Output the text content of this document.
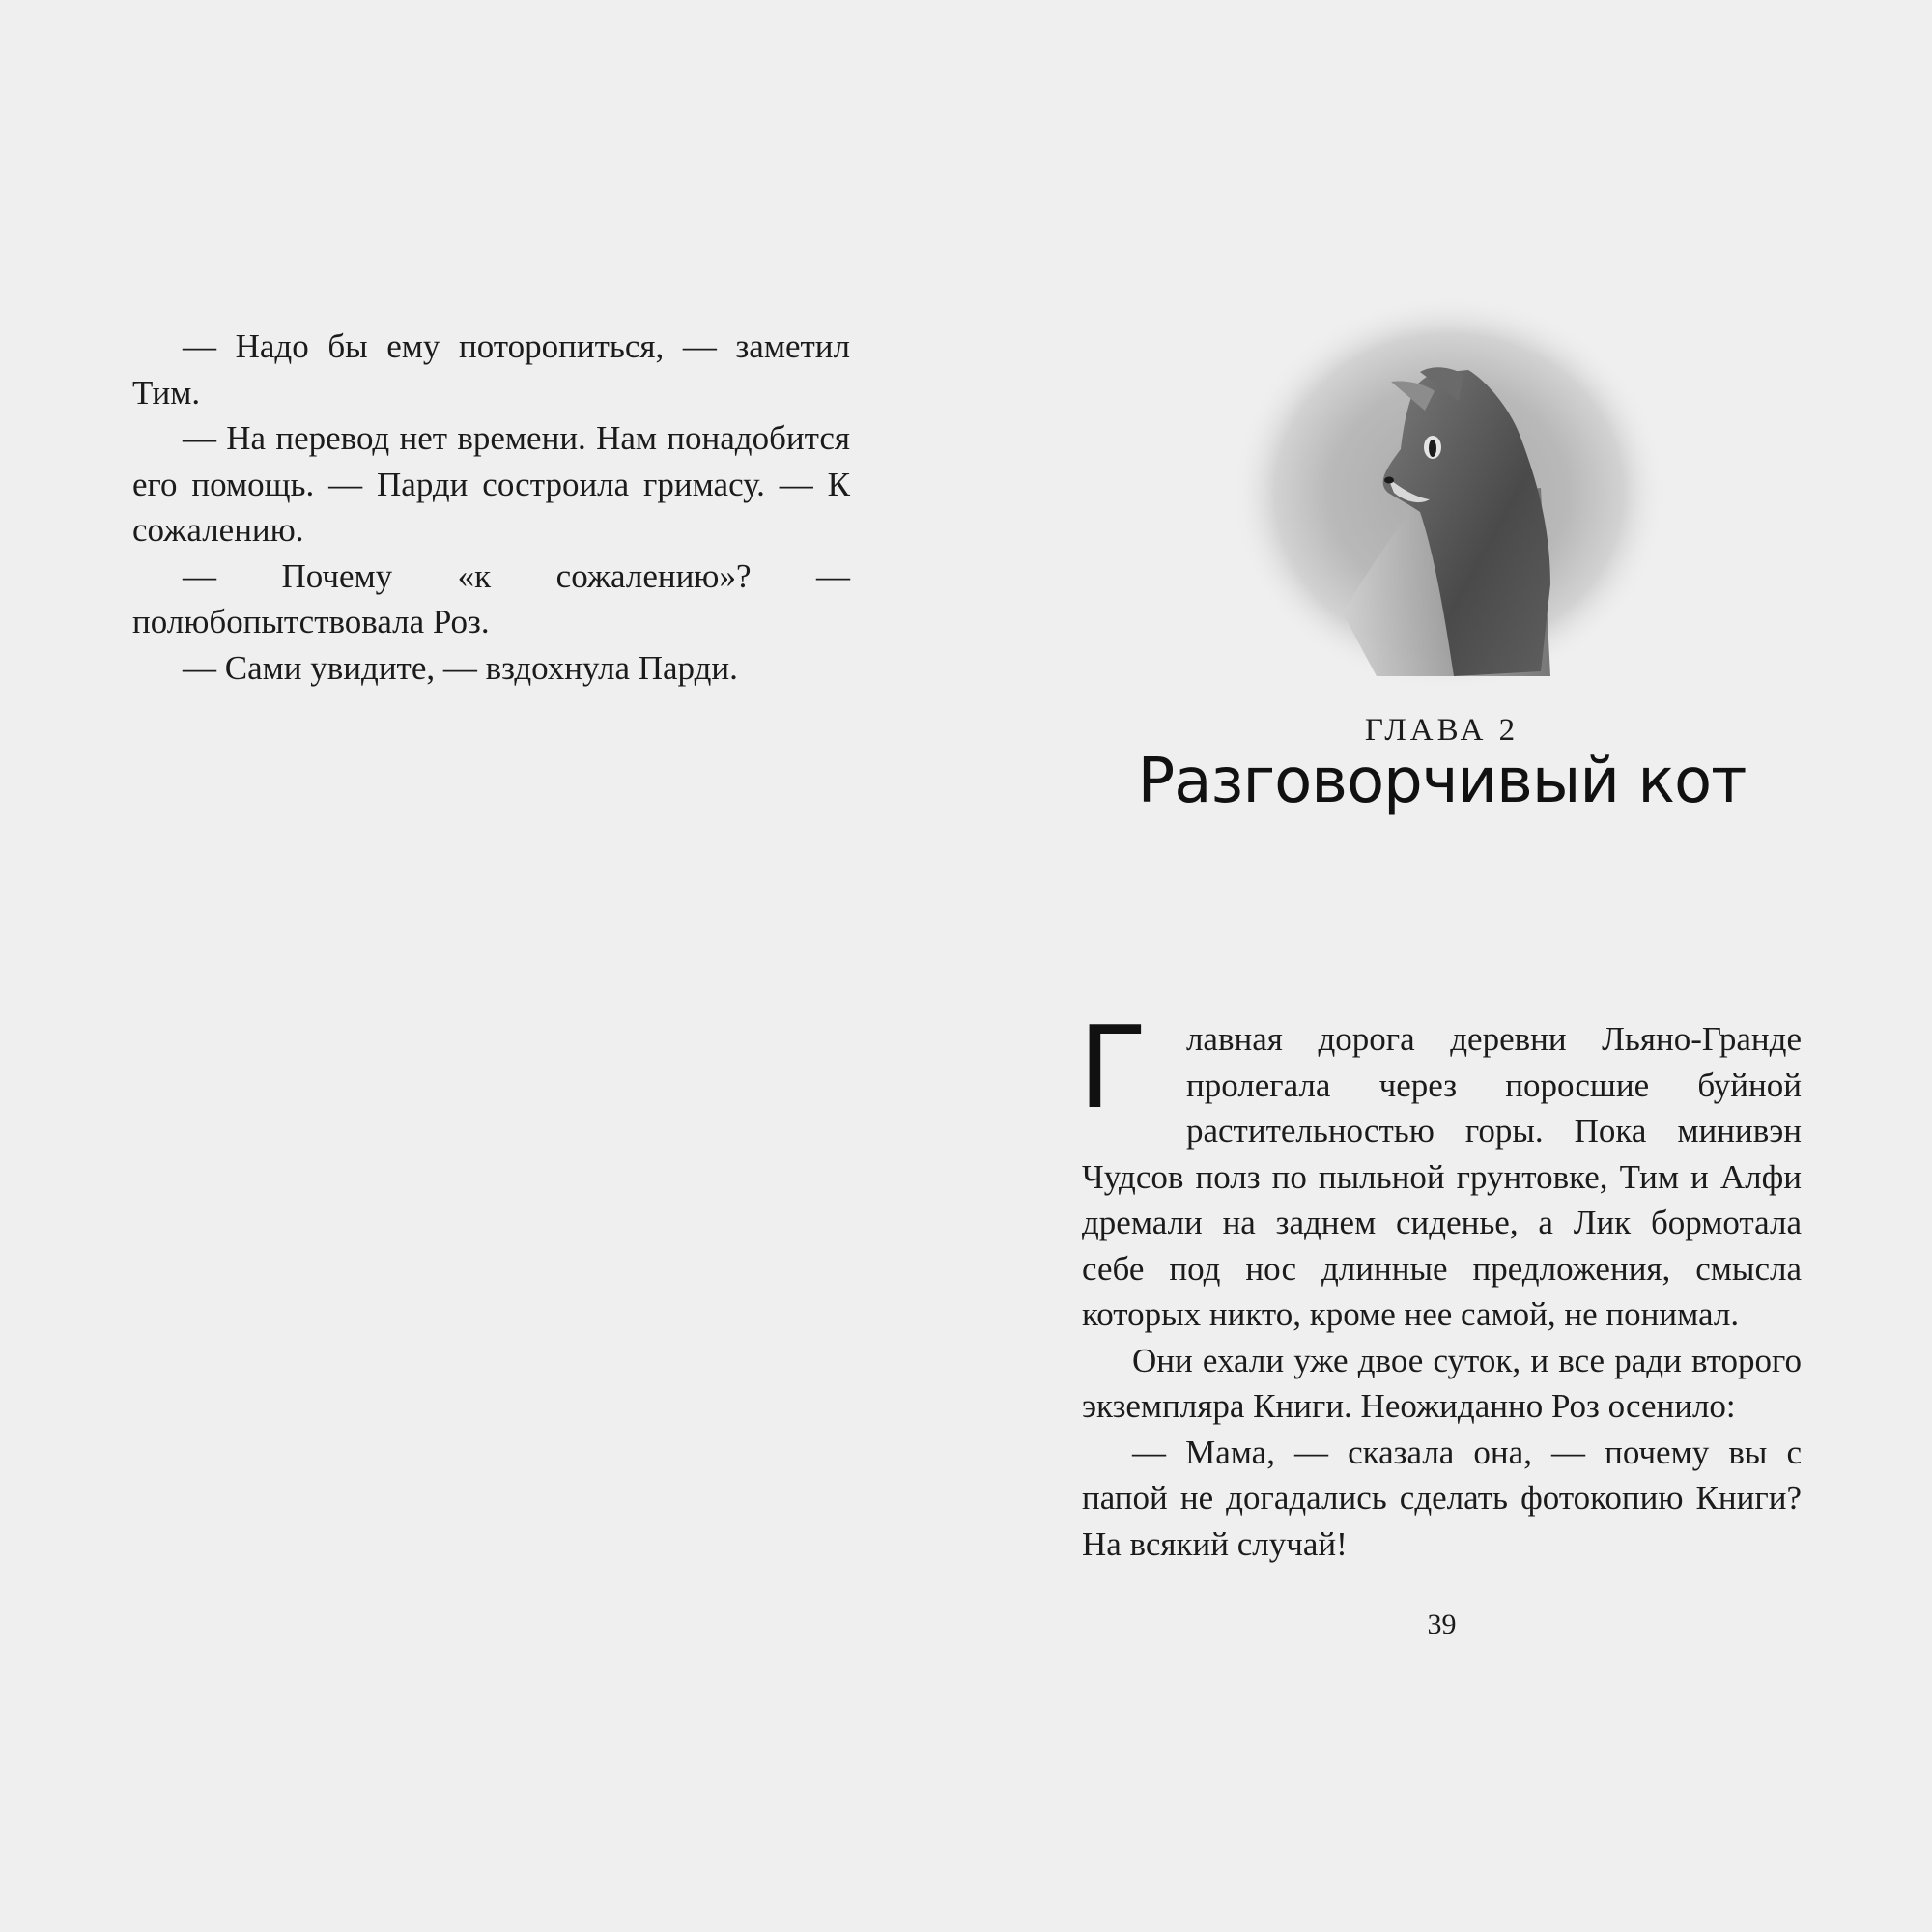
— Надо бы ему поторопиться, — заметил Тим.

— На перевод нет времени. Нам понадобится его помощь. — Парди состроила гримасу. — К сожалению.

— Почему «к сожалению»? — полюбопытствовала Роз.

— Сами увидите, — вздохнула Парди.

ГЛАВА 2
Разговорчивый кот

Г лавная дорога деревни Льяно-Гранде пролегала через поросшие буйной растительностью горы. Пока минивэн Чудсов полз по пыльной грунтовке, Тим и Алфи дремали на заднем сиденье, а Лик бормотала себе под нос длинные предложения, смысла которых никто, кроме нее самой, не понимал.

Они ехали уже двое суток, и все ради второго экземпляра Книги. Неожиданно Роз осенило:

— Мама, — сказала она, — почему вы с папой не догадались сделать фотокопию Книги? На всякий случай!

39
